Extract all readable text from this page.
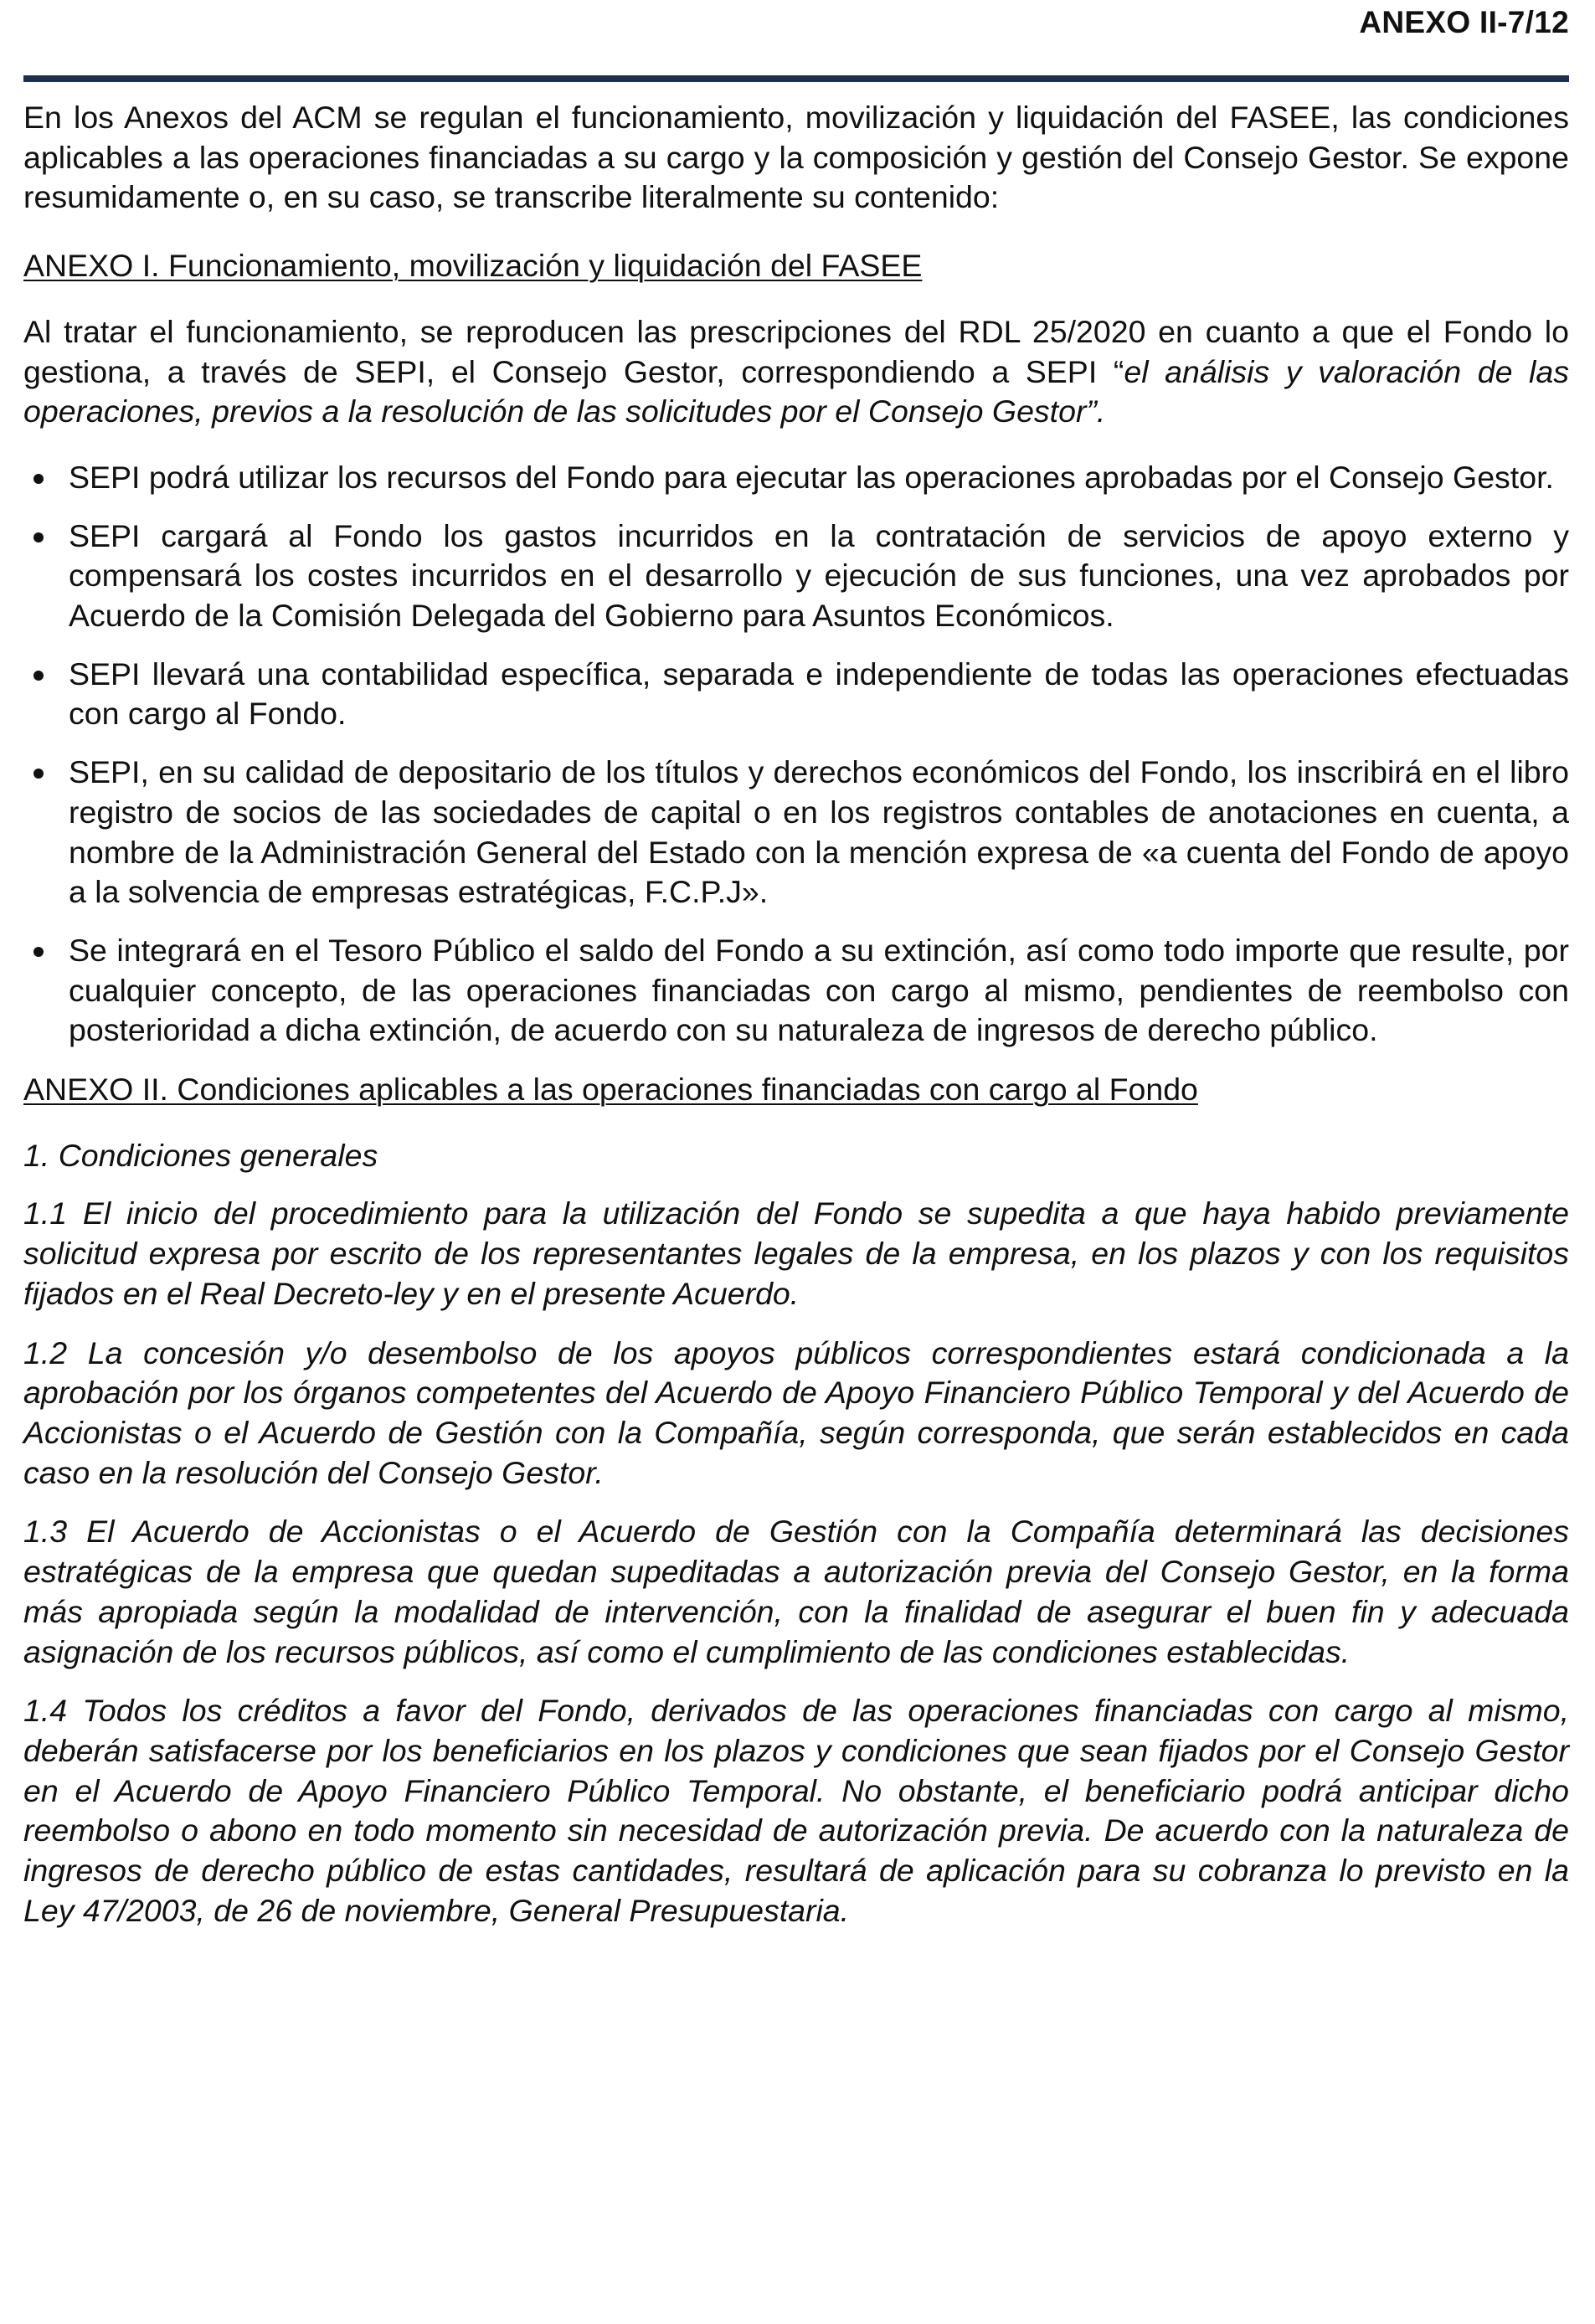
ANEXO II-7/12

En los Anexos del ACM se regulan el funcionamiento, movilización y liquidación del FASEE, las condiciones aplicables a las operaciones financiadas a su cargo y la composición y gestión del Consejo Gestor. Se expone resumidamente o, en su caso, se transcribe literalmente su contenido:

ANEXO I. Funcionamiento, movilización y liquidación del FASEE

Al tratar el funcionamiento, se reproducen las prescripciones del RDL 25/2020 en cuanto a que el Fondo lo gestiona, a través de SEPI, el Consejo Gestor, correspondiendo a SEPI “el análisis y valoración de las operaciones, previos a la resolución de las solicitudes por el Consejo Gestor”.

SEPI podrá utilizar los recursos del Fondo para ejecutar las operaciones aprobadas por el Consejo Gestor.
SEPI cargará al Fondo los gastos incurridos en la contratación de servicios de apoyo externo y compensará los costes incurridos en el desarrollo y ejecución de sus funciones, una vez aprobados por Acuerdo de la Comisión Delegada del Gobierno para Asuntos Económicos.
SEPI llevará una contabilidad específica, separada e independiente de todas las operaciones efectuadas con cargo al Fondo.
SEPI, en su calidad de depositario de los títulos y derechos económicos del Fondo, los inscribirá en el libro registro de socios de las sociedades de capital o en los registros contables de anotaciones en cuenta, a nombre de la Administración General del Estado con la mención expresa de «a cuenta del Fondo de apoyo a la solvencia de empresas estratégicas, F.C.P.J».
Se integrará en el Tesoro Público el saldo del Fondo a su extinción, así como todo importe que resulte, por cualquier concepto, de las operaciones financiadas con cargo al mismo, pendientes de reembolso con posterioridad a dicha extinción, de acuerdo con su naturaleza de ingresos de derecho público.

ANEXO II. Condiciones aplicables a las operaciones financiadas con cargo al Fondo

1. Condiciones generales

1.1 El inicio del procedimiento para la utilización del Fondo se supedita a que haya habido previamente solicitud expresa por escrito de los representantes legales de la empresa, en los plazos y con los requisitos fijados en el Real Decreto-ley y en el presente Acuerdo.

1.2 La concesión y/o desembolso de los apoyos públicos correspondientes estará condicionada a la aprobación por los órganos competentes del Acuerdo de Apoyo Financiero Público Temporal y del Acuerdo de Accionistas o el Acuerdo de Gestión con la Compañía, según corresponda, que serán establecidos en cada caso en la resolución del Consejo Gestor.

1.3 El Acuerdo de Accionistas o el Acuerdo de Gestión con la Compañía determinará las decisiones estratégicas de la empresa que quedan supeditadas a autorización previa del Consejo Gestor, en la forma más apropiada según la modalidad de intervención, con la finalidad de asegurar el buen fin y adecuada asignación de los recursos públicos, así como el cumplimiento de las condiciones establecidas.

1.4 Todos los créditos a favor del Fondo, derivados de las operaciones financiadas con cargo al mismo, deberán satisfacerse por los beneficiarios en los plazos y condiciones que sean fijados por el Consejo Gestor en el Acuerdo de Apoyo Financiero Público Temporal. No obstante, el beneficiario podrá anticipar dicho reembolso o abono en todo momento sin necesidad de autorización previa. De acuerdo con la naturaleza de ingresos de derecho público de estas cantidades, resultará de aplicación para su cobranza lo previsto en la Ley 47/2003, de 26 de noviembre, General Presupuestaria.
